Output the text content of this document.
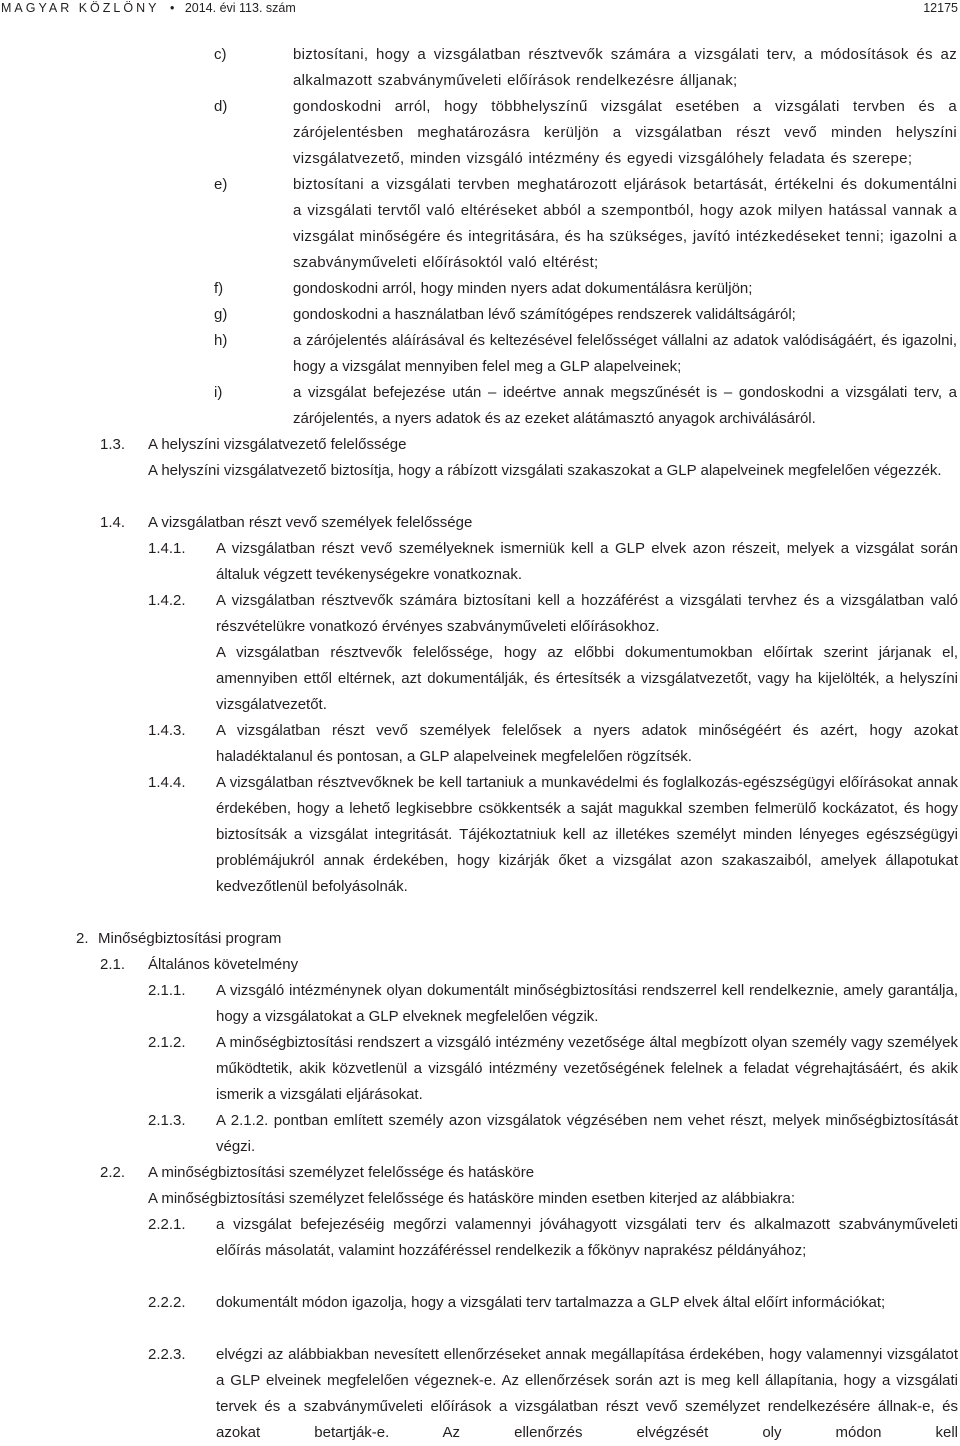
MAGYAR KÖZLÖNY • 2014. évi 113. szám	12175
c)	biztosítani, hogy a vizsgálatban résztvevők számára a vizsgálati terv, a módosítások és az alkalmazott szabványműveleti előírások rendelkezésre álljanak;

d)	gondoskodni arról, hogy többhelyszínű vizsgálat esetében a vizsgálati tervben és a zárójelentésben meghatározásra kerüljön a vizsgálatban részt vevő minden helyszíni vizsgálatvezető, minden vizsgáló intézmény és egyedi vizsgálóhely feladata és szerepe;

e)	biztosítani a vizsgálati tervben meghatározott eljárások betartását, értékelni és dokumentálni a vizsgálati tervtől való eltéréseket abból a szempontból, hogy azok milyen hatással vannak a vizsgálat minőségére és integritására, és ha szükséges, javító intézkedéseket tenni; igazolni a szabványműveleti előírásoktól való eltérést;

f)	gondoskodni arról, hogy minden nyers adat dokumentálásra kerüljön;

g)	gondoskodni a használatban lévő számítógépes rendszerek validáltságáról;

h)	a zárójelentés aláírásával és keltezésével felelősséget vállalni az adatok valódiságáért, és igazolni, hogy a vizsgálat mennyiben felel meg a GLP alapelveinek;

i)	a vizsgálat befejezése után – ideértve annak megszűnését is – gondoskodni a vizsgálati terv, a zárójelentés, a nyers adatok és az ezeket alátámasztó anyagok archiválásáról.

1.3. A helyszíni vizsgálatvezető felelőssége

A helyszíni vizsgálatvezető biztosítja, hogy a rábízott vizsgálati szakaszokat a GLP alapelveinek megfelelően végezzék.

1.4. A vizsgálatban részt vevő személyek felelőssége
1.4.1. A vizsgálatban részt vevő személyeknek ismerniük kell a GLP elvek azon részeit, melyek a vizsgálat során általuk végzett tevékenységekre vonatkoznak.

1.4.2. A vizsgálatban résztvevők számára biztosítani kell a hozzáférést a vizsgálati tervhez és a vizsgálatban való részvételükre vonatkozó érvényes szabványműveleti előírásokhoz.

A vizsgálatban résztvevők felelőssége, hogy az előbbi dokumentumokban előírtak szerint járjanak el, amennyiben ettől eltérnek, azt dokumentálják, és értesítsék a vizsgálatvezetőt, vagy ha kijelölték, a helyszíni vizsgálatvezetőt.

1.4.3. A vizsgálatban részt vevő személyek felelősek a nyers adatok minőségéért és azért, hogy azokat haladéktalanul és pontosan, a GLP alapelveinek megfelelően rögzítsék.

1.4.4. A vizsgálatban résztvevőknek be kell tartaniuk a munkavédelmi és foglalkozás-egészségügyi előírásokat annak érdekében, hogy a lehető legkisebbre csökkentsék a saját magukkal szemben felmerülő kockázatot, és hogy biztosítsák a vizsgálat integritását. Tájékoztatniuk kell az illetékes személyt minden lényeges egészségügyi problémájukról annak érdekében, hogy kizárják őket a vizsgálat azon szakaszaiból, amelyek állapotukat kedvezőtlenül befolyásolnák.

2. Minőségbiztosítási program
2.1. Általános követelmény
2.1.1. A vizsgáló intézménynek olyan dokumentált minőségbiztosítási rendszerrel kell rendelkeznie, amely garantálja, hogy a vizsgálatokat a GLP elveknek megfelelően végzik.

2.1.2. A minőségbiztosítási rendszert a vizsgáló intézmény vezetősége által megbízott olyan személy vagy személyek működtetik, akik közvetlenül a vizsgáló intézmény vezetőségének felelnek a feladat végrehajtásáért, és akik ismerik a vizsgálati eljárásokat.

2.1.3. A 2.1.2. pontban említett személy azon vizsgálatok végzésében nem vehet részt, melyek minőségbiztosítását végzi.

2.2. A minőségbiztosítási személyzet felelőssége és hatásköre

A minőségbiztosítási személyzet felelőssége és hatásköre minden esetben kiterjed az alábbiakra:

2.2.1. a vizsgálat befejezéséig megőrzi valamennyi jóváhagyott vizsgálati terv és alkalmazott szabványműveleti előírás másolatát, valamint hozzáféréssel rendelkezik a főkönyv naprakész példányához;

2.2.2. dokumentált módon igazolja, hogy a vizsgálati terv tartalmazza a GLP elvek által előírt információkat;

2.2.3. elvégzi az alábbiakban nevesített ellenőrzéseket annak megállapítása érdekében, hogy valamennyi vizsgálatot a GLP elveinek megfelelően végeznek-e. Az ellenőrzések során azt is meg kell állapítania, hogy a vizsgálati tervek és a szabványműveleti előírások a vizsgálatban részt vevő személyzet rendelkezésére állnak-e, és azokat betartják-e. Az ellenőrzés elvégzését oly módon kell
